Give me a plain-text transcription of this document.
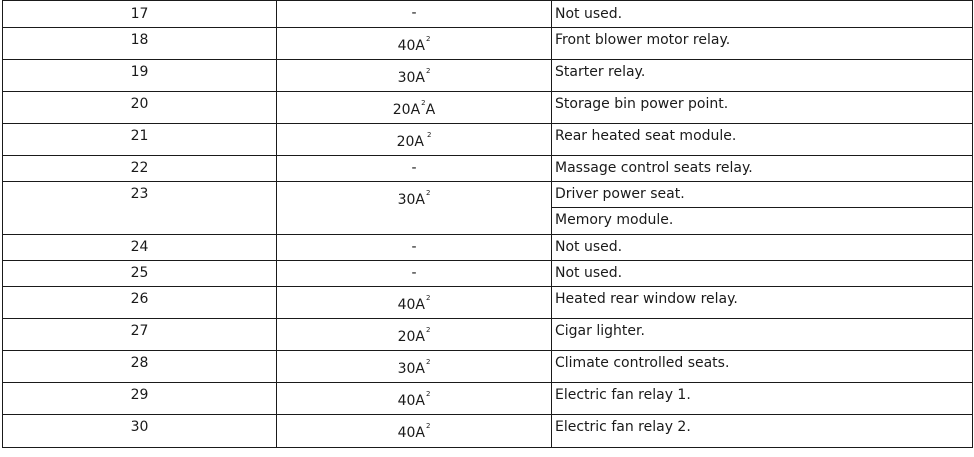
17	-	Not used.

18	$40A^2$	Front blower motor relay.

19	$30A^2$	Starter relay.

20	$20A^2A$	Storage bin power point.

21	20A $^2$	Rear heated seat module.

22	-	Massage control seats relay.

23	$30A^2$	Driver power seat.

		Memory module.

24	-	Not used.

25	-	Not used.

26	$40A^2$	Heated rear window relay.

27	$20A^2$	Cigar lighter.

28	$30A^2$	Climate controlled seats.

29	$40A^2$	Electric fan relay 1.

30	$40A^2$	Electric fan relay 2.
